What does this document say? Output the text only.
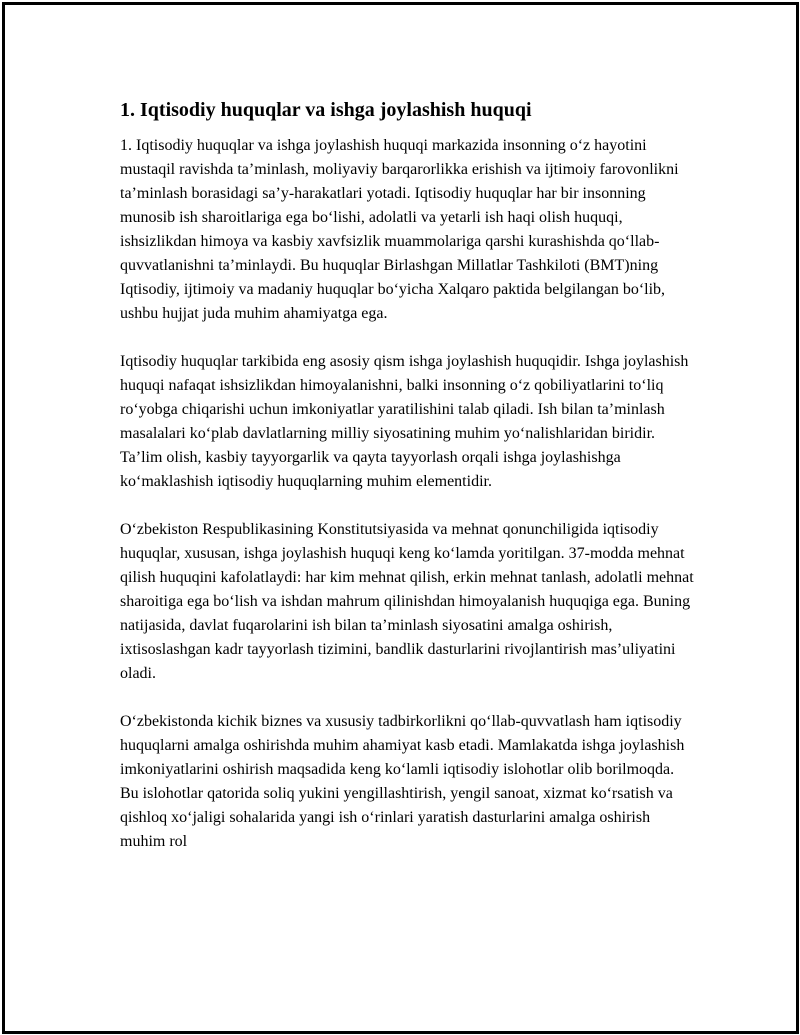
1. Iqtisodiy huquqlar va ishga joylashish huquqi

1. Iqtisodiy huquqlar va ishga joylashish huquqi markazida insonning o‘z hayotini mustaqil ravishda ta’minlash, moliyaviy barqarorlikka erishish va ijtimoiy farovonlikni ta’minlash borasidagi sa’y-harakatlari yotadi. Iqtisodiy huquqlar har bir insonning munosib ish sharoitlariga ega bo‘lishi, adolatli va yetarli ish haqi olish huquqi, ishsizlikdan himoya va kasbiy xavfsizlik muammolariga qarshi kurashishda qo‘llab-quvvatlanishni ta’minlaydi. Bu huquqlar Birlashgan Millatlar Tashkiloti (BMT)ning Iqtisodiy, ijtimoiy va madaniy huquqlar bo‘yicha Xalqaro paktida belgilangan bo‘lib, ushbu hujjat juda muhim ahamiyatga ega.

Iqtisodiy huquqlar tarkibida eng asosiy qism ishga joylashish huquqidir. Ishga joylashish huquqi nafaqat ishsizlikdan himoyalanishni, balki insonning o‘z qobiliyatlarini to‘liq ro‘yobga chiqarishi uchun imkoniyatlar yaratilishini talab qiladi. Ish bilan ta’minlash masalalari ko‘plab davlatlarning milliy siyosatining muhim yo‘nalishlaridan biridir. Ta’lim olish, kasbiy tayyorgarlik va qayta tayyorlash orqali ishga joylashishga ko‘maklashish iqtisodiy huquqlarning muhim elementidir.

O‘zbekiston Respublikasining Konstitutsiyasida va mehnat qonunchiligida iqtisodiy huquqlar, xususan, ishga joylashish huquqi keng ko‘lamda yoritilgan. 37-modda mehnat qilish huquqini kafolatlaydi: har kim mehnat qilish, erkin mehnat tanlash, adolatli mehnat sharoitiga ega bo‘lish va ishdan mahrum qilinishdan himoyalanish huquqiga ega. Buning natijasida, davlat fuqarolarini ish bilan ta’minlash siyosatini amalga oshirish, ixtisoslashgan kadr tayyorlash tizimini, bandlik dasturlarini rivojlantirish mas’uliyatini oladi.

O‘zbekistonda kichik biznes va xususiy tadbirkorlikni qo‘llab-quvvatlash ham iqtisodiy huquqlarni amalga oshirishda muhim ahamiyat kasb etadi. Mamlakatda ishga joylashish imkoniyatlarini oshirish maqsadida keng ko‘lamli iqtisodiy islohotlar olib borilmoqda. Bu islohotlar qatorida soliq yukini yengillashtirish, yengil sanoat, xizmat ko‘rsatish va qishloq xo‘jaligi sohalarida yangi ish o‘rinlari yaratish dasturlarini amalga oshirish muhim rol
